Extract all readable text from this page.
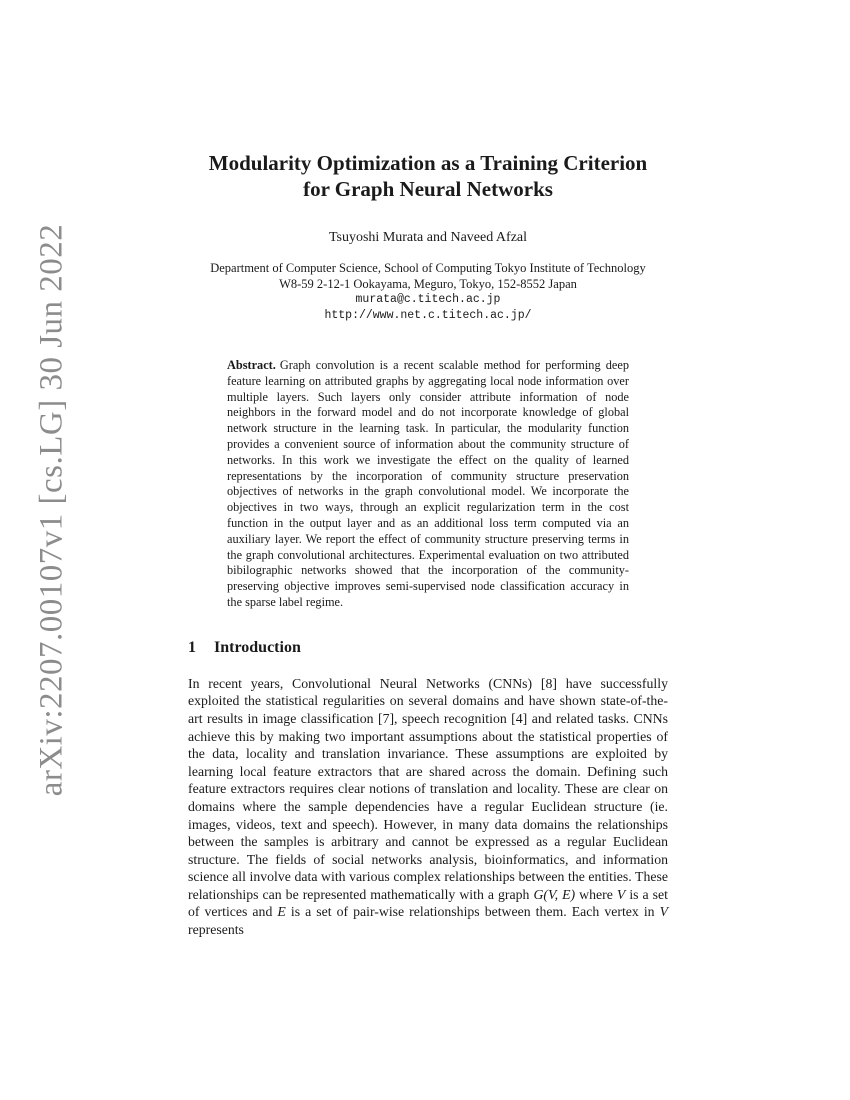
arXiv:2207.00107v1 [cs.LG] 30 Jun 2022
Modularity Optimization as a Training Criterion
for Graph Neural Networks
Tsuyoshi Murata and Naveed Afzal
Department of Computer Science, School of Computing Tokyo Institute of Technology
W8-59 2-12-1 Ookayama, Meguro, Tokyo, 152-8552 Japan
murata@c.titech.ac.jp
http://www.net.c.titech.ac.jp/
Abstract. Graph convolution is a recent scalable method for performing deep feature learning on attributed graphs by aggregating local node information over multiple layers. Such layers only consider attribute information of node neighbors in the forward model and do not incorporate knowledge of global network structure in the learning task. In particular, the modularity function provides a convenient source of information about the community structure of networks. In this work we investigate the effect on the quality of learned representations by the incorporation of community structure preservation objectives of networks in the graph convolutional model. We incorporate the objectives in two ways, through an explicit regularization term in the cost function in the output layer and as an additional loss term computed via an auxiliary layer. We report the effect of community structure preserving terms in the graph convolutional architectures. Experimental evaluation on two attributed bibilographic networks showed that the incorporation of the community-preserving objective improves semi-supervised node classification accuracy in the sparse label regime.
1 Introduction

In recent years, Convolutional Neural Networks (CNNs) [8] have successfully exploited the statistical regularities on several domains and have shown state-of-the-art results in image classification [7], speech recognition [4] and related tasks. CNNs achieve this by making two important assumptions about the statistical properties of the data, locality and translation invariance. These assumptions are exploited by learning local feature extractors that are shared across the domain. Defining such feature extractors requires clear notions of translation and locality. These are clear on domains where the sample dependencies have a regular Euclidean structure (ie. images, videos, text and speech). However, in many data domains the relationships between the samples is arbitrary and cannot be expressed as a regular Euclidean structure. The fields of social networks analysis, bioinformatics, and information science all involve data with various complex relationships between the entities. These relationships can be represented mathematically with a graph G(V, E) where V is a set of vertices and E is a set of pair-wise relationships between them. Each vertex in V represents
